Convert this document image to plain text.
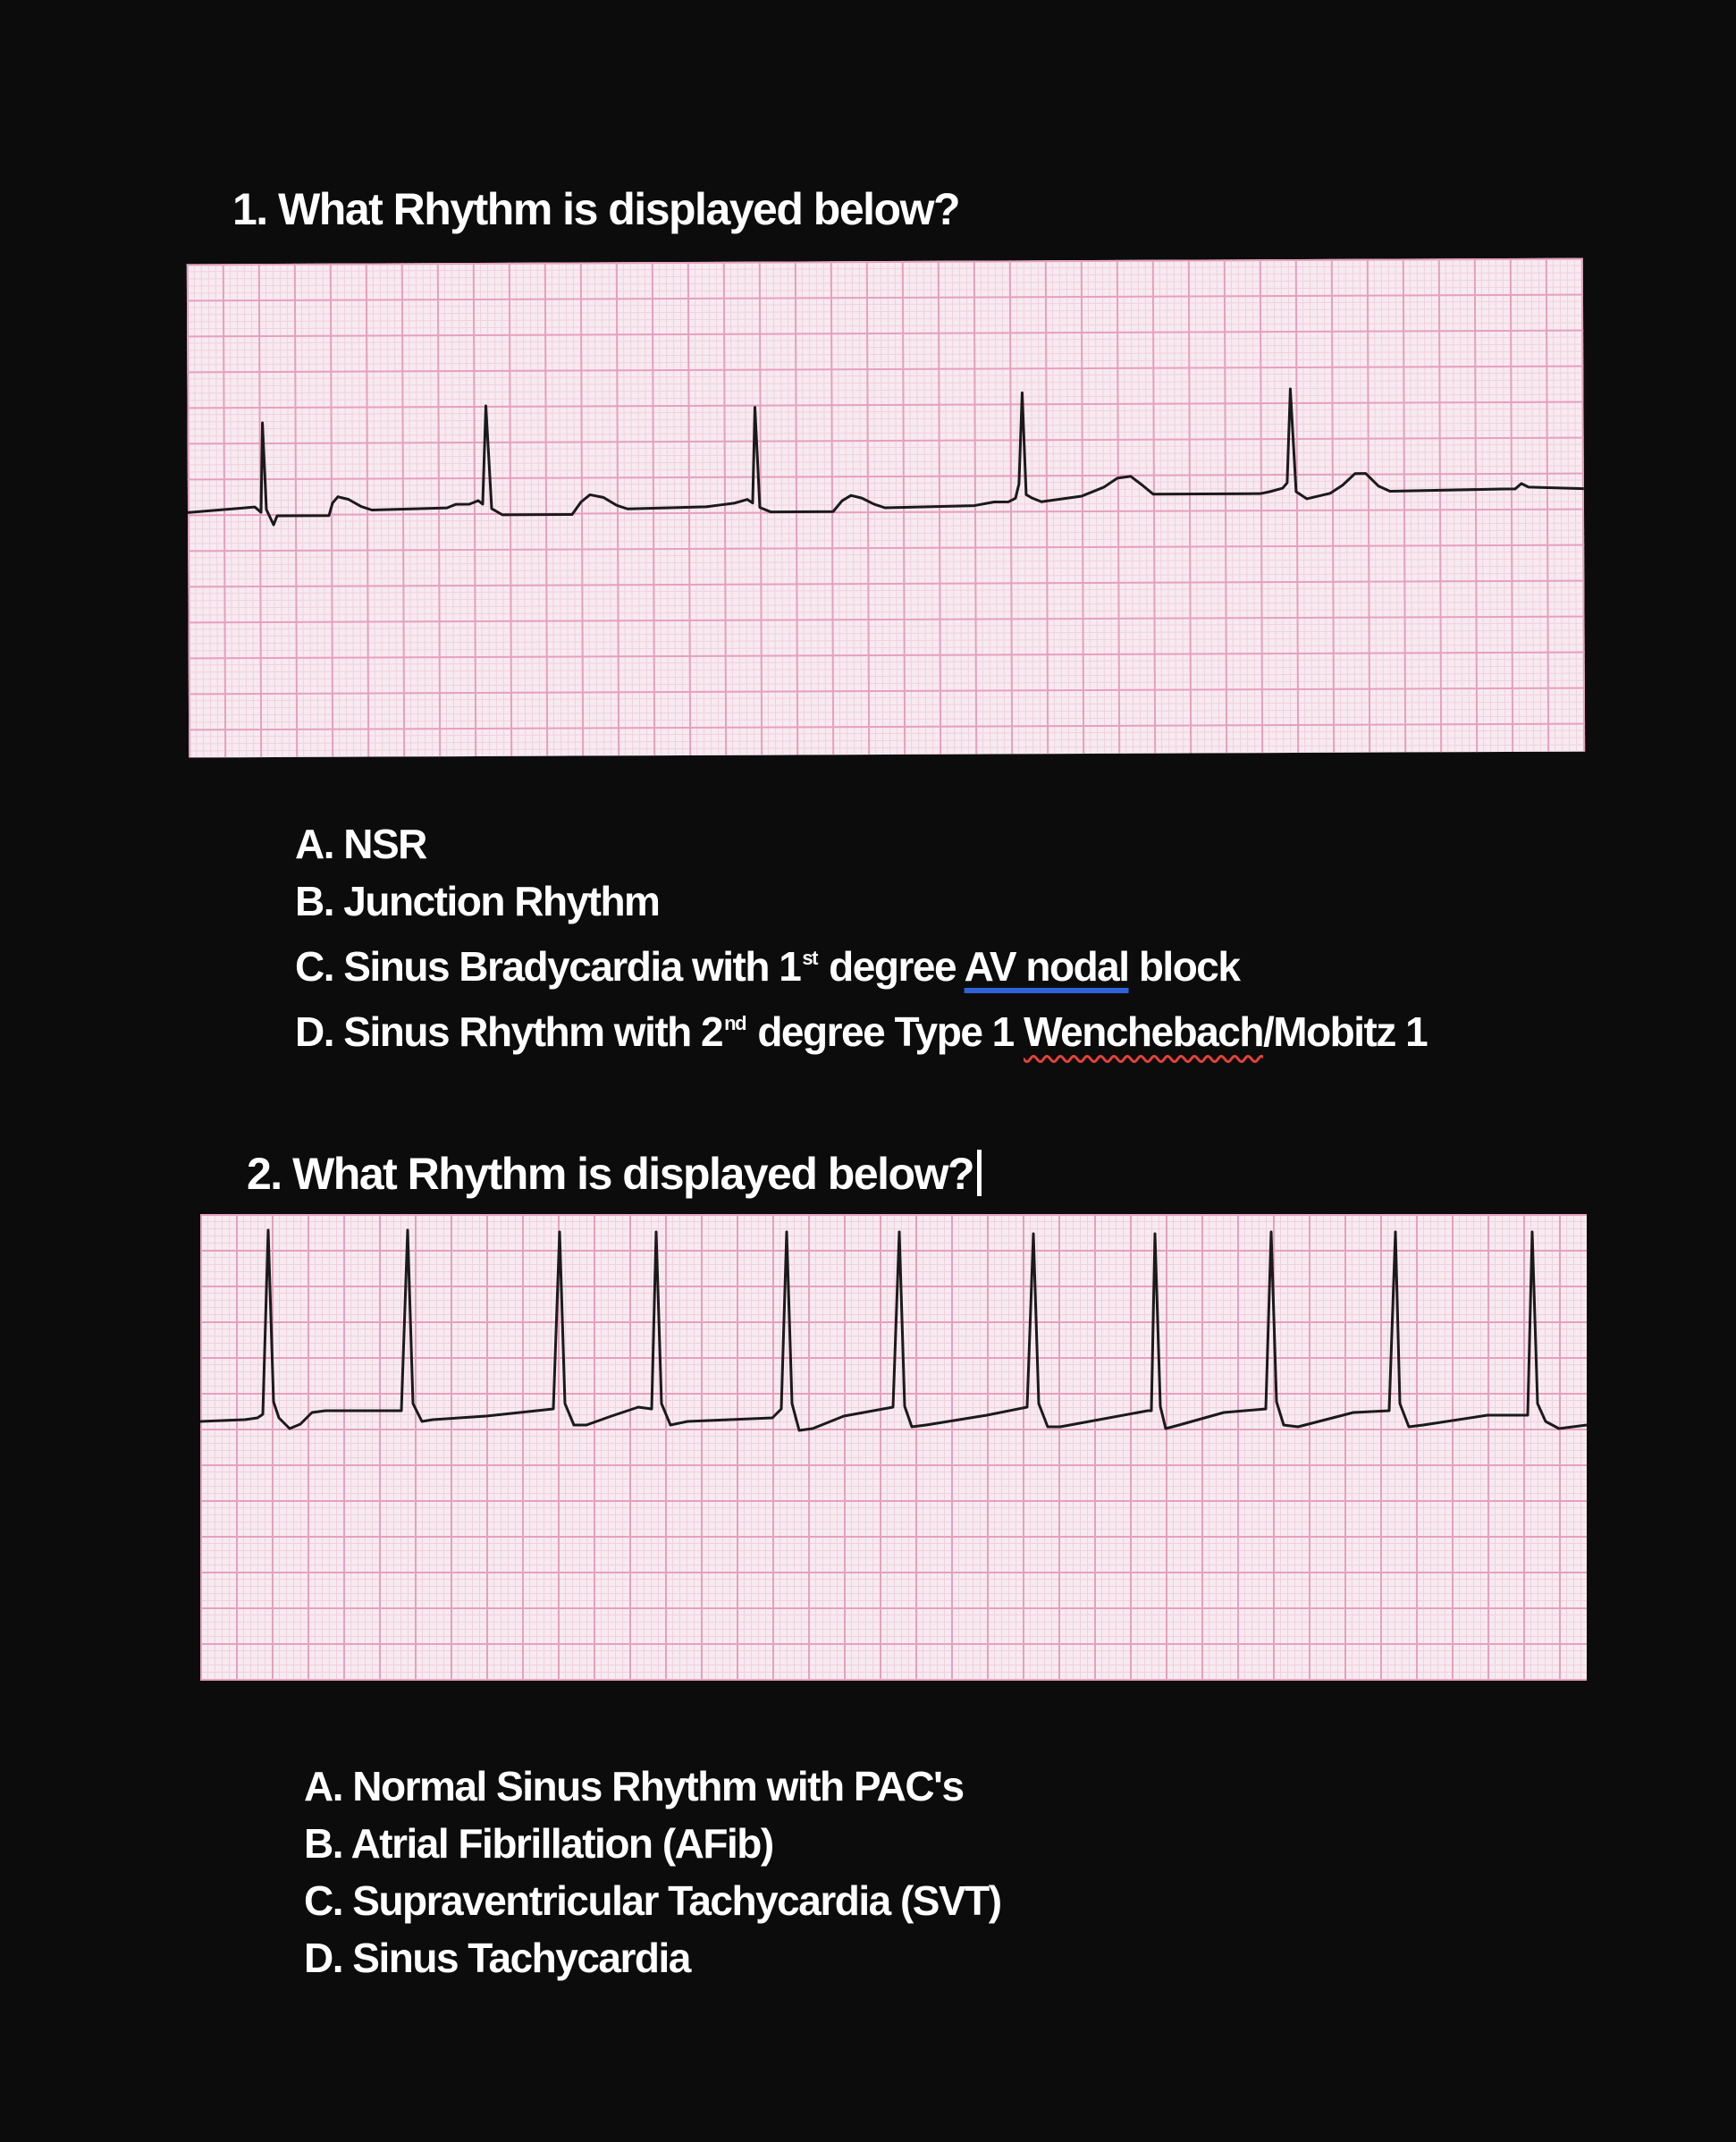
1. What Rhythm is displayed below?
A. NSR
B. Junction Rhythm
C. Sinus Bradycardia with 1st degree AV nodal block
D. Sinus Rhythm with 2nd degree Type 1 Wenchebach/Mobitz 1
2. What Rhythm is displayed below?
A. Normal Sinus Rhythm with PAC's
B. Atrial Fibrillation (AFib)
C. Supraventricular Tachycardia (SVT)
D. Sinus Tachycardia
